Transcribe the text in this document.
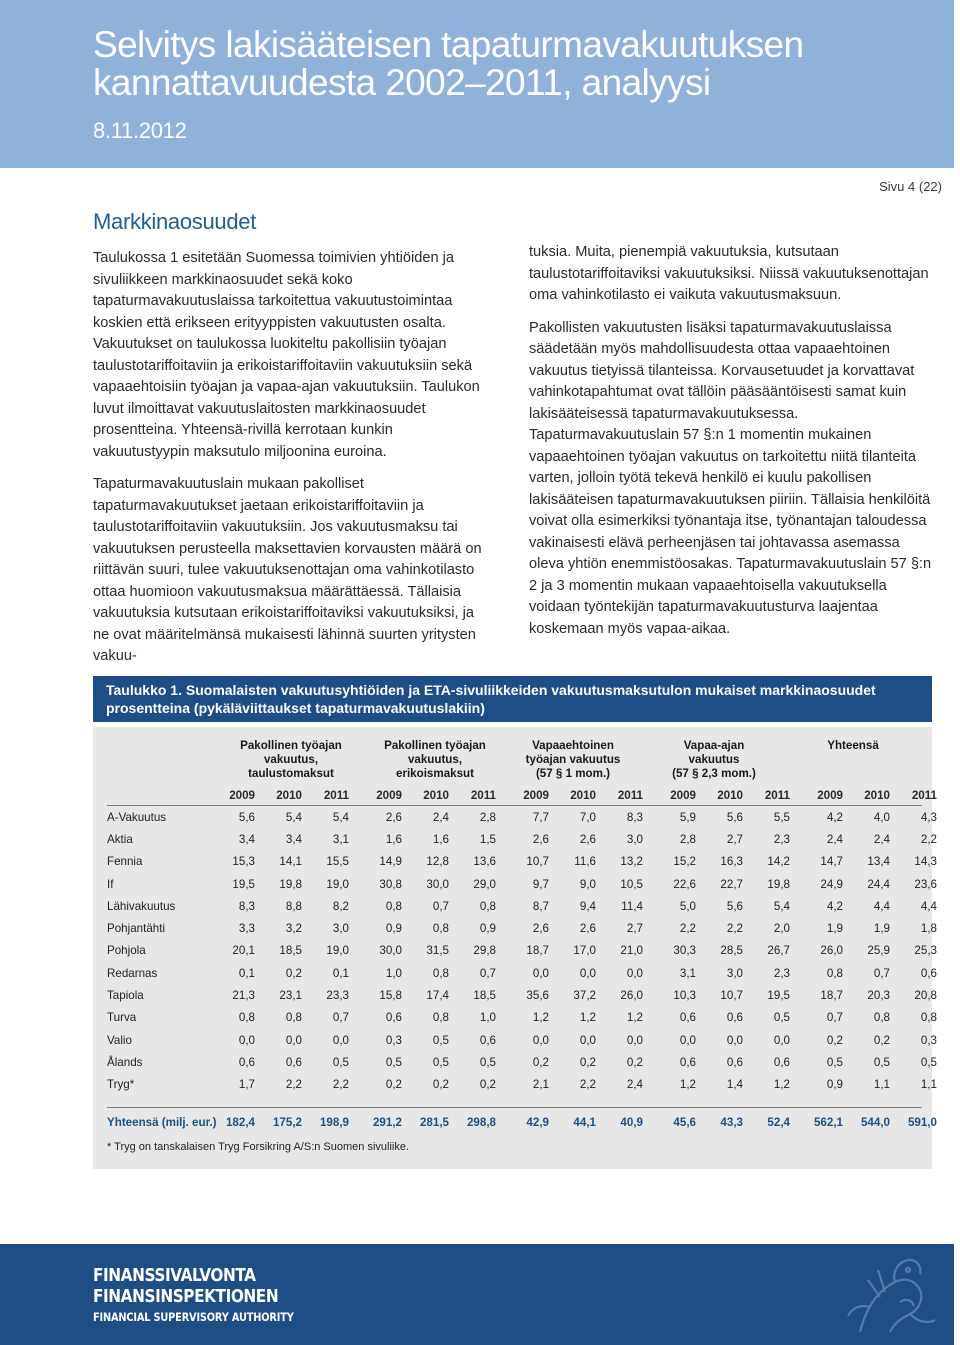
Selvitys lakisääteisen tapaturmavakuutuksen kannattavuudesta 2002–2011, analyysi
8.11.2012
Sivu 4 (22)
Markkinaosuudet

Taulukossa 1 esitetään Suomessa toimivien yhtiöiden ja sivuliikkeen markkinaosuudet sekä koko tapaturmavakuutuslaissa tarkoitettua vakuutustoimintaa koskien että erikseen erityyppisten vakuutusten osalta. Vakuutukset on taulukossa luokiteltu pakollisiin työajan taulustotariffoitaviin ja erikoistariffoitaviin vakuutuksiin sekä vapaaehtoisiin työajan ja vapaa-ajan vakuutuksiin. Taulukon luvut ilmoittavat vakuutuslaitosten markkinaosuudet prosentteina. Yhteensä-rivillä kerrotaan kunkin vakuutustyypin maksutulo miljoonina euroina.

Tapaturmavakuutuslain mukaan pakolliset tapaturmavakuutukset jaetaan erikoistariffoitaviin ja taulustotariffoitaviin vakuutuksiin. Jos vakuutusmaksu tai vakuutuksen perusteella maksettavien korvausten määrä on riittävän suuri, tulee vakuutuksenottajan oma vahinkotilasto ottaa huomioon vakuutusmaksua määrättäessä. Tällaisia vakuutuksia kutsutaan erikoistariffoitaviksi vakuutuksiksi, ja ne ovat määritelmänsä mukaisesti lähinnä suurten yritysten vakuu-

tuksia. Muita, pienempiä vakuutuksia, kutsutaan taulustotariffoitaviksi vakuutuksiksi. Niissä vakuutuksenottajan oma vahinkotilasto ei vaikuta vakuutusmaksuun.

Pakollisten vakuutusten lisäksi tapaturmavakuutuslaissa säädetään myös mahdollisuudesta ottaa vapaaehtoinen vakuutus tietyissä tilanteissa. Korvausetuudet ja korvattavat vahinkotapahtumat ovat tällöin pääsääntöisesti samat kuin lakisääteisessä tapaturmavakuutuksessa. Tapaturmavakuutuslain 57 §:n 1 momentin mukainen vapaaehtoinen työajan vakuutus on tarkoitettu niitä tilanteita varten, jolloin työtä tekevä henkilö ei kuulu pakollisen lakisääteisen tapaturmavakuutuksen piiriin. Tällaisia henkilöitä voivat olla esimerkiksi työnantaja itse, työnantajan taloudessa vakinaisesti elävä perheenjäsen tai johtavassa asemassa oleva yhtiön enemmistöosakas. Tapaturmavakuutuslain 57 §:n 2 ja 3 momentin mukaan vapaaehtoisella vakuutuksella voidaan työntekijän tapaturmavakuutusturva laajentaa koskemaan myös vapaa-aikaa.

Taulukko 1. Suomalaisten vakuutusyhtiöiden ja ETA-sivuliikkeiden vakuutusmaksutulon mukaiset markkinaosuudet prosentteina (pykäläviittaukset tapaturmavakuutuslakiin)
Pakollinen työajan
vakuutus,
taulustomaksut
Pakollinen työajan
vakuutus,
erikoismaksut
Vapaaehtoinen
työajan vakuutus
(57 § 1 mom.)
Vapaa-ajan
vakuutus
(57 § 2,3 mom.)
Yhteensä
2009	2010	2011	2009	2010	2011	2009	2010	2011	2009	2010	2011	2009	2010	2011
A-Vakuutus	5,6	5,4	5,4	2,6	2,4	2,8	7,7	7,0	8,3	5,9	5,6	5,5	4,2	4,0	4,3
Aktia	3,4	3,4	3,1	1,6	1,6	1,5	2,6	2,6	3,0	2,8	2,7	2,3	2,4	2,4	2,2
Fennia	15,3	14,1	15,5	14,9	12,8	13,6	10,7	11,6	13,2	15,2	16,3	14,2	14,7	13,4	14,3
If	19,5	19,8	19,0	30,8	30,0	29,0	9,7	9,0	10,5	22,6	22,7	19,8	24,9	24,4	23,6
Lähivakuutus	8,3	8,8	8,2	0,8	0,7	0,8	8,7	9,4	11,4	5,0	5,6	5,4	4,2	4,4	4,4
Pohjantähti	3,3	3,2	3,0	0,9	0,8	0,9	2,6	2,6	2,7	2,2	2,2	2,0	1,9	1,9	1,8
Pohjola	20,1	18,5	19,0	30,0	31,5	29,8	18,7	17,0	21,0	30,3	28,5	26,7	26,0	25,9	25,3
Redarnas	0,1	0,2	0,1	1,0	0,8	0,7	0,0	0,0	0,0	3,1	3,0	2,3	0,8	0,7	0,6
Tapiola	21,3	23,1	23,3	15,8	17,4	18,5	35,6	37,2	26,0	10,3	10,7	19,5	18,7	20,3	20,8
Turva	0,8	0,8	0,7	0,6	0,8	1,0	1,2	1,2	1,2	0,6	0,6	0,5	0,7	0,8	0,8
Valio	0,0	0,0	0,0	0,3	0,5	0,6	0,0	0,0	0,0	0,0	0,0	0,0	0,2	0,2	0,3
Ålands	0,6	0,6	0,5	0,5	0,5	0,5	0,2	0,2	0,2	0,6	0,6	0,6	0,5	0,5	0,5
Tryg*	1,7	2,2	2,2	0,2	0,2	0,2	2,1	2,2	2,4	1,2	1,4	1,2	0,9	1,1	1,1
Yhteensä (milj. eur.) 182,4	175,2	198,9	291,2	281,5	298,8	42,9	44,1	40,9	45,6	43,3	52,4	562,1	544,0	591,0
* Tryg on tanskalaisen Tryg Forsikring A/S:n Suomen sivuliike.
FINANSSIVALVONTA
FINANSINSPEKTIONEN
FINANCIAL SUPERVISORY AUTHORITY
